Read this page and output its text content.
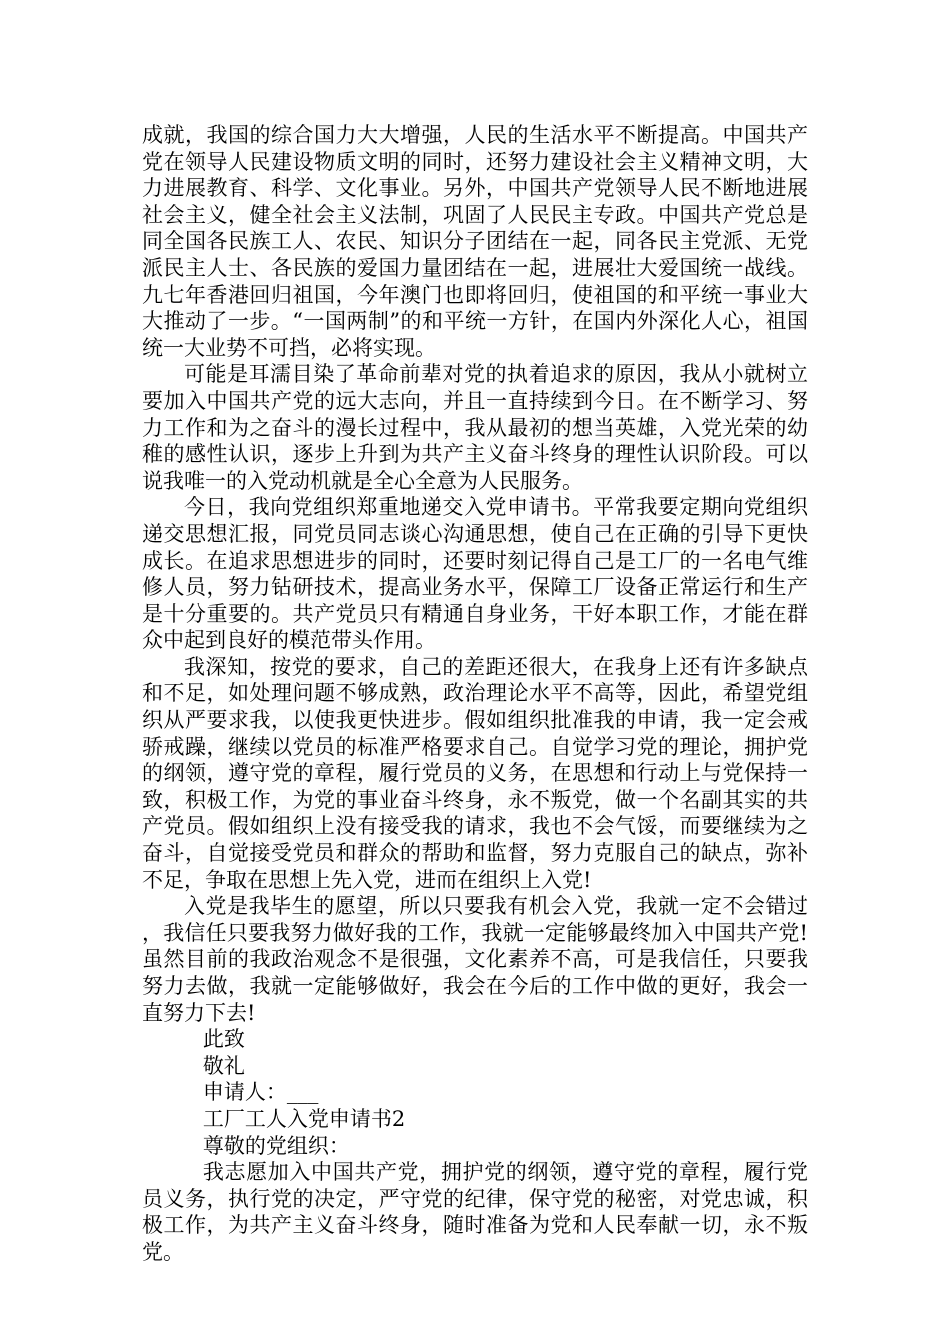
成就，我国的综合国力大大增强，人民的生活水平不断提高。中国共产党在领导人民建设物质文明的同时，还努力建设社会主义精神文明，大力进展教育、科学、文化事业。另外，中国共产党领导人民不断地进展社会主义，健全社会主义法制，巩固了人民民主专政。中国共产党总是同全国各民族工人、农民、知识分子团结在一起，同各民主党派、无党派民主人士、各民族的爱国力量团结在一起，进展壮大爱国统一战线。九七年香港回归祖国，今年澳门也即将回归，使祖国的和平统一事业大大推动了一步。“一国两制”的和平统一方针，在国内外深化人心，祖国统一大业势不可挡，必将实现。

可能是耳濡目染了革命前辈对党的执着追求的原因，我从小就树立要加入中国共产党的远大志向，并且一直持续到今日。在不断学习、努力工作和为之奋斗的漫长过程中，我从最初的想当英雄，入党光荣的幼稚的感性认识，逐步上升到为共产主义奋斗终身的理性认识阶段。可以说我唯一的入党动机就是全心全意为人民服务。

今日，我向党组织郑重地递交入党申请书。平常我要定期向党组织递交思想汇报，同党员同志谈心沟通思想，使自己在正确的引导下更快成长。在追求思想进步的同时，还要时刻记得自己是工厂的一名电气维修人员，努力钻研技术，提高业务水平，保障工厂设备正常运行和生产是十分重要的。共产党员只有精通自身业务，干好本职工作，才能在群众中起到良好的模范带头作用。

我深知，按党的要求，自己的差距还很大，在我身上还有许多缺点和不足，如处理问题不够成熟，政治理论水平不高等，因此，希望党组织从严要求我，以使我更快进步。假如组织批准我的申请，我一定会戒骄戒躁，继续以党员的标准严格要求自己。自觉学习党的理论，拥护党的纲领，遵守党的章程，履行党员的义务，在思想和行动上与党保持一致，积极工作，为党的事业奋斗终身，永不叛党，做一个名副其实的共产党员。假如组织上没有接受我的请求，我也不会气馁，而要继续为之奋斗，自觉接受党员和群众的帮助和监督，努力克服自己的缺点，弥补不足，争取在思想上先入党，进而在组织上入党!

入党是我毕生的愿望，所以只要我有机会入党，我就一定不会错过，我信任只要我努力做好我的工作，我就一定能够最终加入中国共产党!虽然目前的我政治观念不是很强，文化素养不高，可是我信任，只要我努力去做，我就一定能够做好，我会在今后的工作中做的更好，我会一直努力下去!

此致

敬礼

申请人：___

工厂工人入党申请书2

尊敬的党组织：

我志愿加入中国共产党，拥护党的纲领，遵守党的章程，履行党员义务，执行党的决定，严守党的纪律，保守党的秘密，对党忠诚，积极工作，为共产主义奋斗终身，随时准备为党和人民奉献一切，永不叛党。
